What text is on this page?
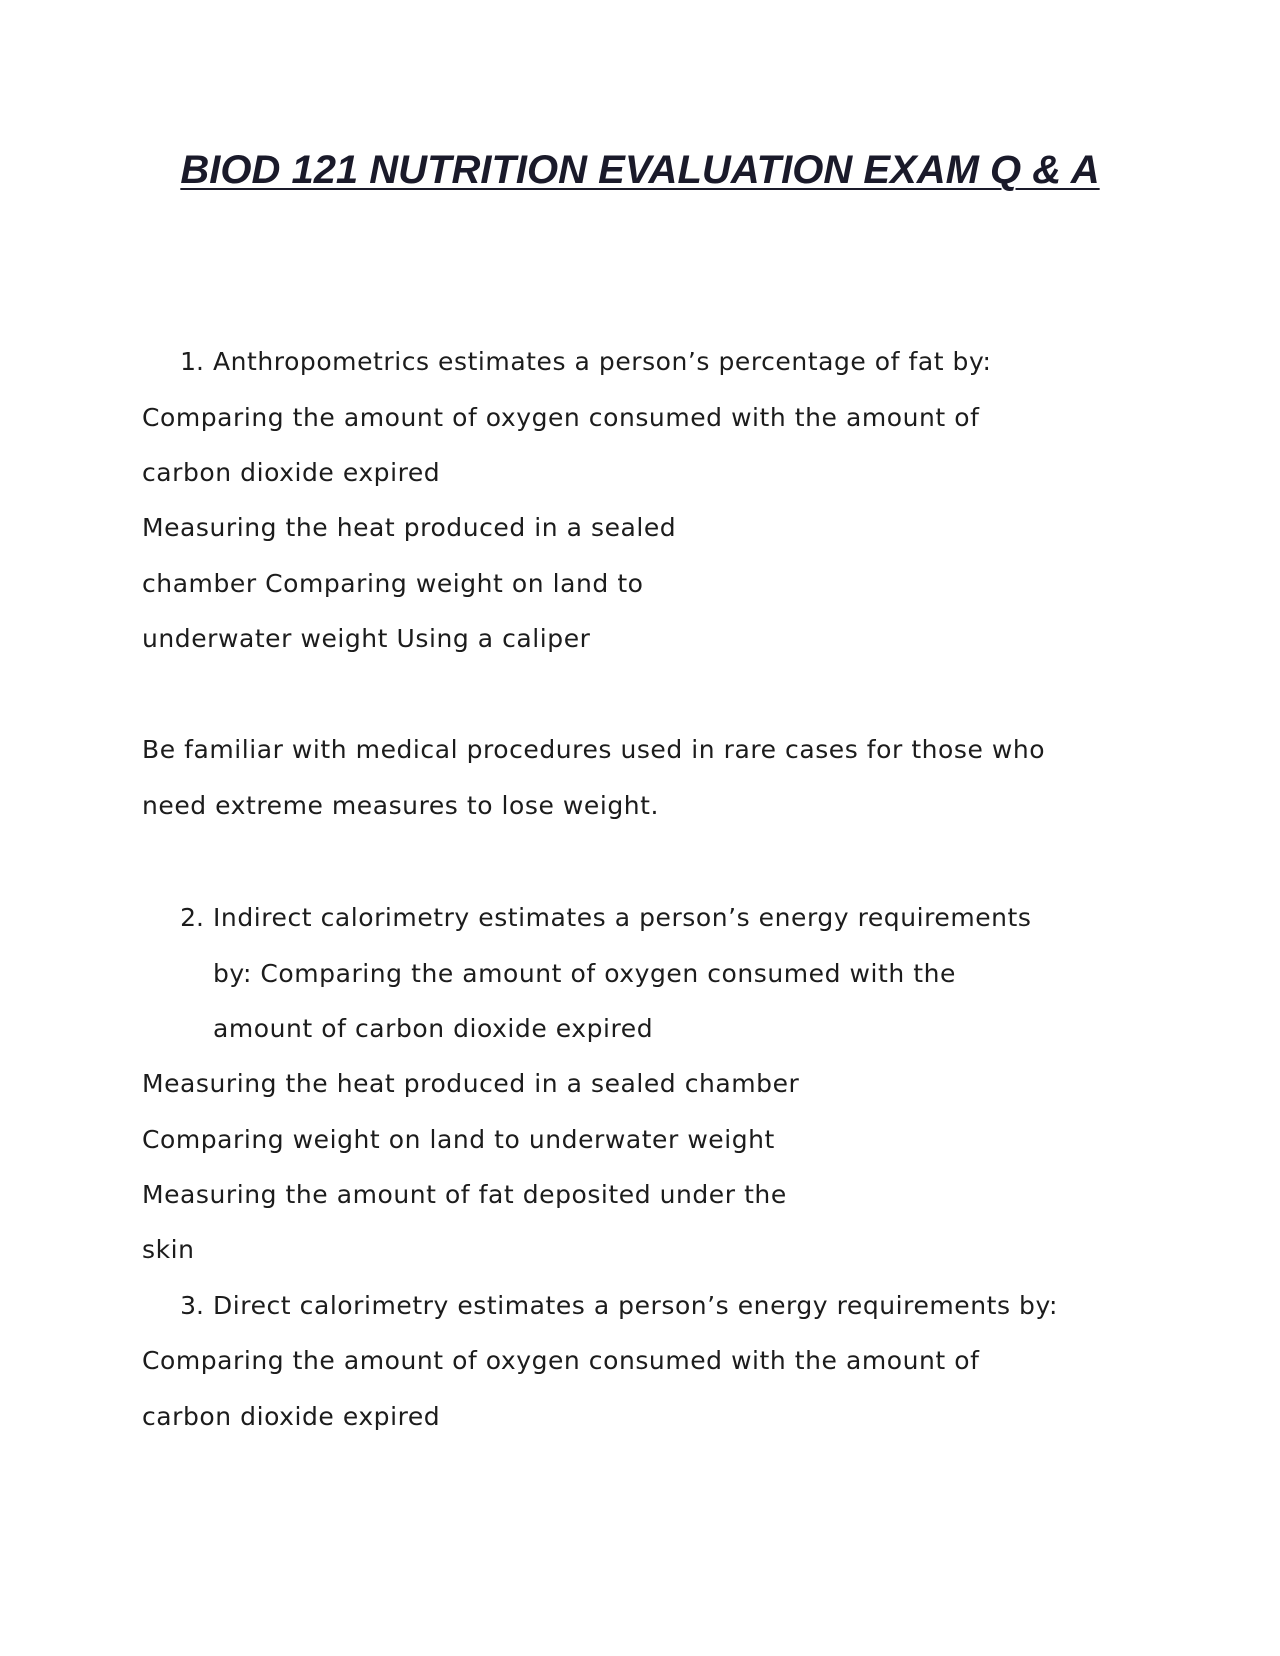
BIOD 121 NUTRITION EVALUATION EXAM Q & A
1. Anthropometrics estimates a person’s percentage of fat by:

Comparing the amount of oxygen consumed with the amount of

carbon dioxide expired

Measuring the heat produced in a sealed

chamber Comparing weight on land to

underwater weight Using a caliper

Be familiar with medical procedures used in rare cases for those who

need extreme measures to lose weight.

2. Indirect calorimetry estimates a person’s energy requirements

by: Comparing the amount of oxygen consumed with the

amount of carbon dioxide expired

Measuring the heat produced in a sealed chamber

Comparing weight on land to underwater weight

Measuring the amount of fat deposited under the

skin

3. Direct calorimetry estimates a person’s energy requirements by:

Comparing the amount of oxygen consumed with the amount of

carbon dioxide expired
